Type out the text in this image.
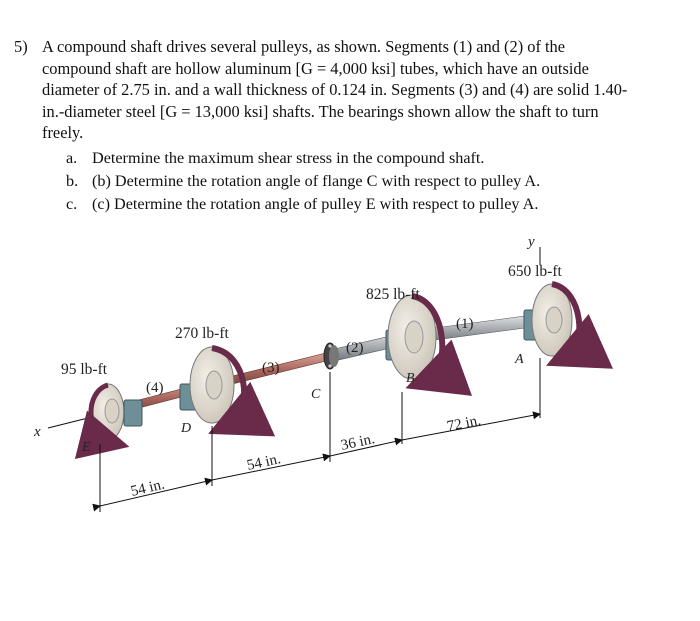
5) A compound shaft drives several pulleys, as shown. Segments (1) and (2) of the

compound shaft are hollow aluminum [G = 4,000 ksi] tubes, which have an outside

diameter of 2.75 in. and a wall thickness of 0.124 in. Segments (3) and (4) are solid 1.40-

in.-diameter steel [G = 13,000 ksi] shafts. The bearings shown allow the shaft to turn

freely.

a. Determine the maximum shear stress in the compound shaft.
b. (b) Determine the rotation angle of flange C with respect to pulley A.
c. (c) Determine the rotation angle of pulley E with respect to pulley A.
y
x
650 lb-ft
825 lb-ft
270 lb-ft
95 lb-ft
(1)
(2)
(3)
(4)
A
B
C
D
E
54 in.
54 in.
36 in.
72 in.
